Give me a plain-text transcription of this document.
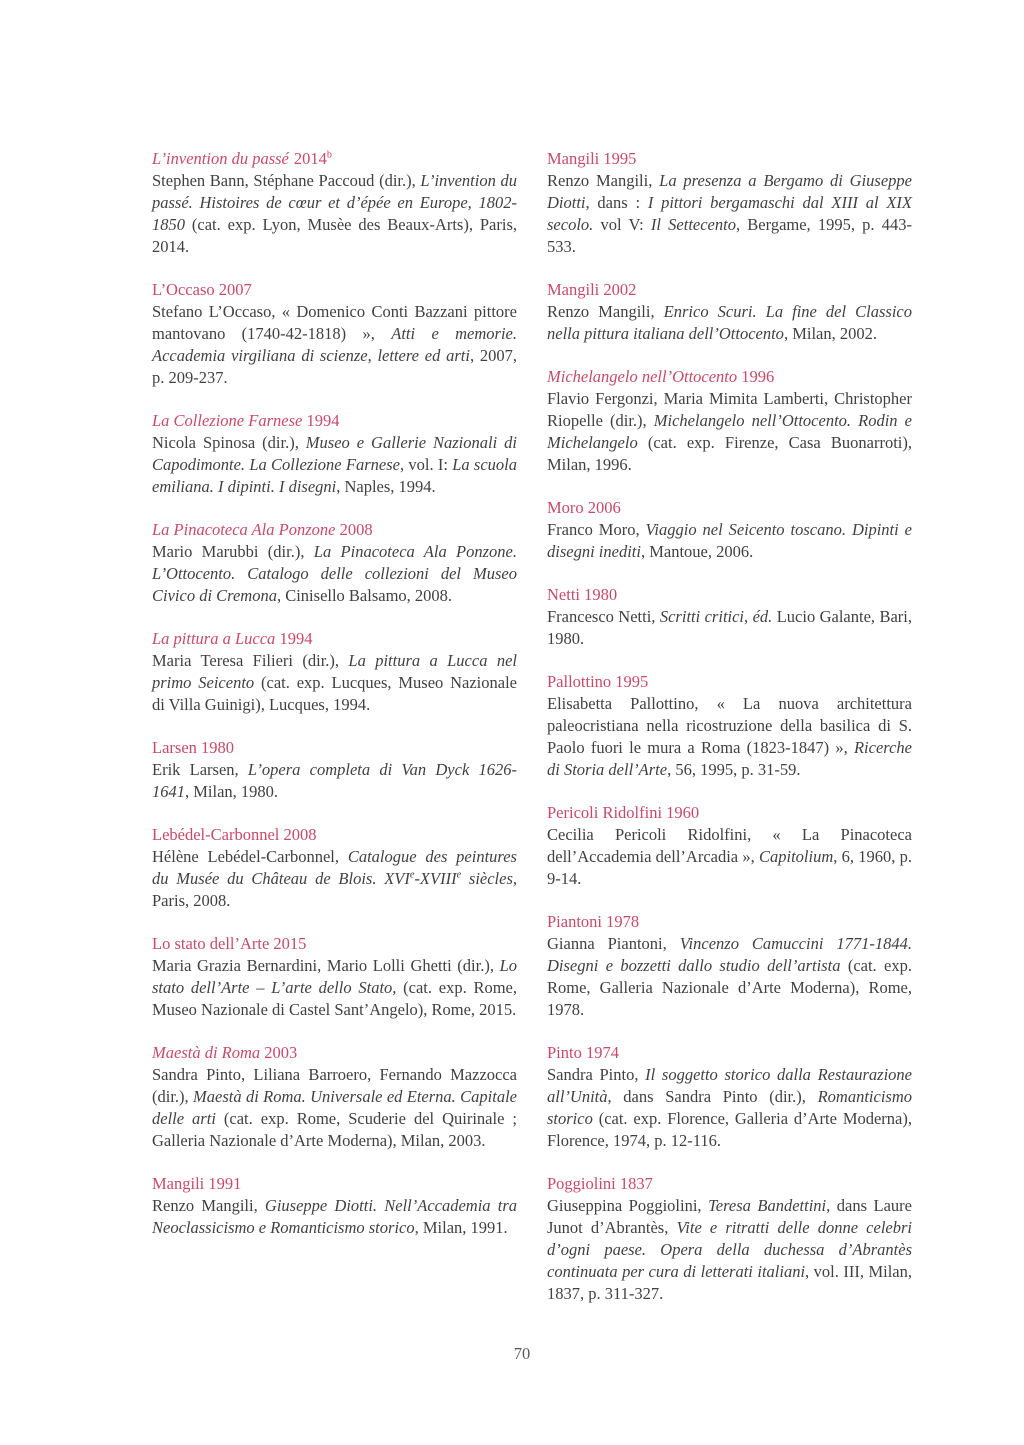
L’invention du passé 2014$^b$

Stephen Bann, Stéphane Paccoud (dir.), L’invention du passé. Histoires de cœur et d’épée en Europe, 1802-1850 (cat. exp. Lyon, Musèe des Beaux-Arts), Paris, 2014.

L’Occaso 2007

Stefano L’Occaso, « Domenico Conti Bazzani pittore mantovano (1740-42-1818) », Atti e memorie. Accademia virgiliana di scienze, lettere ed arti, 2007, p. 209-237.

La Collezione Farnese 1994

Nicola Spinosa (dir.), Museo e Gallerie Nazionali di Capodimonte. La Collezione Farnese, vol. I: La scuola emiliana. I dipinti. I disegni, Naples, 1994.

La Pinacoteca Ala Ponzone 2008

Mario Marubbi (dir.), La Pinacoteca Ala Ponzone. L’Ottocento. Catalogo delle collezioni del Museo Civico di Cremona, Cinisello Balsamo, 2008.

La pittura a Lucca 1994

Maria Teresa Filieri (dir.), La pittura a Lucca nel primo Seicento (cat. exp. Lucques, Museo Nazionale di Villa Guinigi), Lucques, 1994.

Larsen 1980

Erik Larsen, L’opera completa di Van Dyck 1626-1641, Milan, 1980.

Lebédel-Carbonnel 2008

Hélène Lebédel-Carbonnel, Catalogue des peintures du Musée du Château de Blois. XVIe-XVIIIe siècles, Paris, 2008.

Lo stato dell’Arte 2015

Maria Grazia Bernardini, Mario Lolli Ghetti (dir.), Lo stato dell’Arte – L’arte dello Stato, (cat. exp. Rome, Museo Nazionale di Castel Sant’Angelo), Rome, 2015.

Maestà di Roma 2003

Sandra Pinto, Liliana Barroero, Fernando Mazzocca (dir.), Maestà di Roma. Universale ed Eterna. Capitale delle arti (cat. exp. Rome, Scuderie del Quirinale ; Galleria Nazionale d’Arte Moderna), Milan, 2003.

Mangili 1991

Renzo Mangili, Giuseppe Diotti. Nell’Accademia tra Neoclassicismo e Romanticismo storico, Milan, 1991.

Mangili 1995

Renzo Mangili, La presenza a Bergamo di Giuseppe Diotti, dans : I pittori bergamaschi dal XIII al XIX secolo. vol V: Il Settecento, Bergame, 1995, p. 443-533.

Mangili 2002

Renzo Mangili, Enrico Scuri. La fine del Classico nella pittura italiana dell’Ottocento, Milan, 2002.

Michelangelo nell’Ottocento 1996

Flavio Fergonzi, Maria Mimita Lamberti, Christopher Riopelle (dir.), Michelangelo nell’Ottocento. Rodin e Michelangelo (cat. exp. Firenze, Casa Buonarroti), Milan, 1996.

Moro 2006

Franco Moro, Viaggio nel Seicento toscano. Dipinti e disegni inediti, Mantoue, 2006.

Netti 1980

Francesco Netti, Scritti critici, éd. Lucio Galante, Bari, 1980.

Pallottino 1995

Elisabetta Pallottino, « La nuova architettura paleocristiana nella ricostruzione della basilica di S. Paolo fuori le mura a Roma (1823-1847) », Ricerche di Storia dell’Arte, 56, 1995, p. 31-59.

Pericoli Ridolfini 1960

Cecilia Pericoli Ridolfini, « La Pinacoteca dell’Accademia dell’Arcadia », Capitolium, 6, 1960, p. 9-14.

Piantoni 1978

Gianna Piantoni, Vincenzo Camuccini 1771-1844. Disegni e bozzetti dallo studio dell’artista (cat. exp. Rome, Galleria Nazionale d’Arte Moderna), Rome, 1978.

Pinto 1974

Sandra Pinto, Il soggetto storico dalla Restaurazione all’Unità, dans Sandra Pinto (dir.), Romanticismo storico (cat. exp. Florence, Galleria d’Arte Moderna), Florence, 1974, p. 12-116.

Poggiolini 1837

Giuseppina Poggiolini, Teresa Bandettini, dans Laure Junot d’Abrantès, Vite e ritratti delle donne celebri d’ogni paese. Opera della duchessa d’Abrantès continuata per cura di letterati italiani, vol. III, Milan, 1837, p. 311-327.

70
